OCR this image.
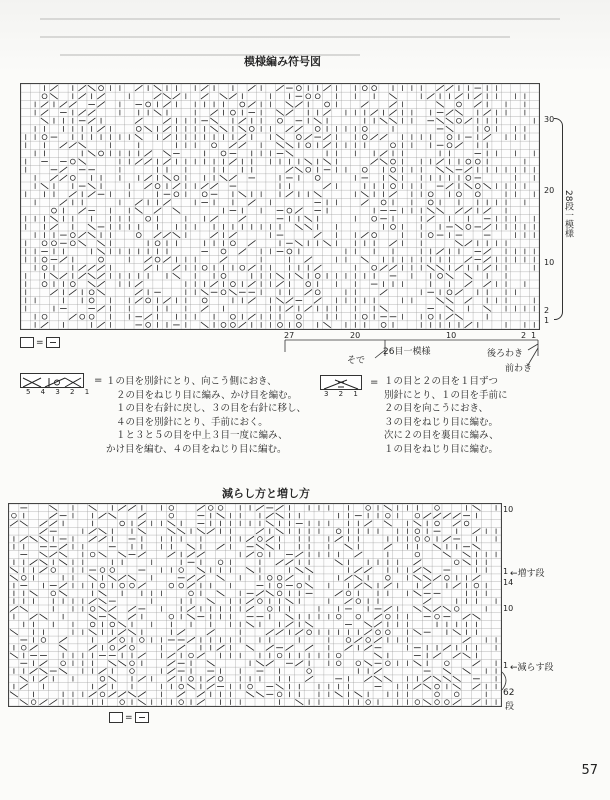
模様編み符号図
30
20
10
2
1
28段一模様
27	20	10	2 1
そで
26目一模様	後ろわき
前わき
=
5 4 3 2 1
= １の目を別針にとり、向こう側におき、
２の目をねじり目に編み、かけ目を編む。
１の目を右針に戻し、３の目を右針に移し、
４の目を別針にとり、手前におく。
１と３と５の目を中上３目一度に編み、
かけ目を編む、４の目をねじり目に編む。
3 2 1
= １の目と２の目を１目ずつ
別針にとり、１の目を手前に
２の目を向こうにおき、
３の目をねじり目に編む。
次に２の目を裏目に編み、
１の目をねじり目に編む。
減らし方と増し方
10
1 ←増す段
14
10
1 ←減らす段
62
段
=
57
